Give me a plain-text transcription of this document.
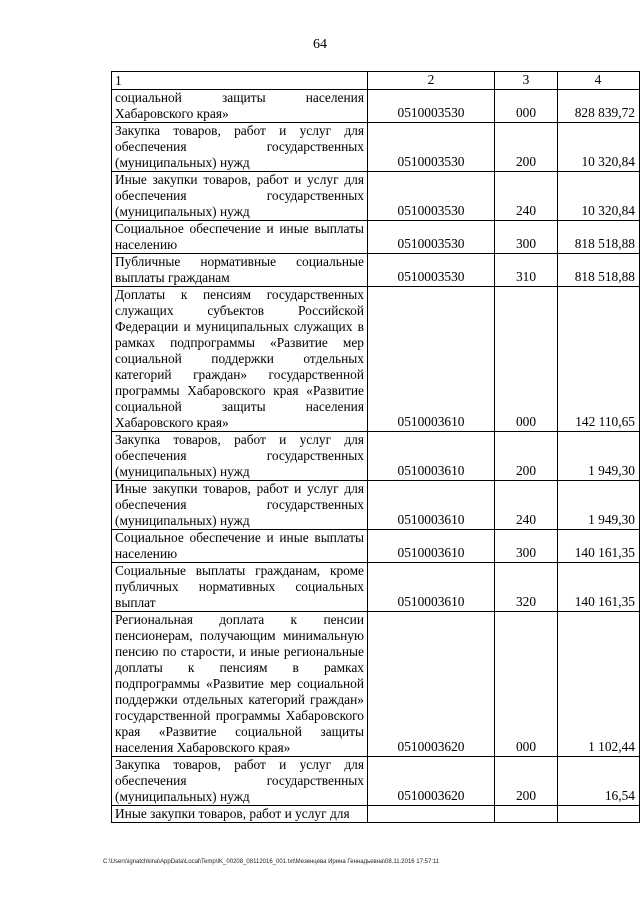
64
1	2	3	4
социальной защиты населения Хабаровского края»	0510003530	000	828 839,72
Закупка товаров, работ и услуг для обеспечения государственных (муниципальных) нужд	0510003530	200	10 320,84
Иные закупки товаров, работ и услуг для обеспечения государственных (муниципальных) нужд	0510003530	240	10 320,84
Социальное обеспечение и иные выплаты населению	0510003530	300	818 518,88
Публичные нормативные социальные выплаты гражданам	0510003530	310	818 518,88
Доплаты к пенсиям государственных служащих субъектов Российской Федерации и муниципальных служащих в рамках подпрограммы «Развитие мер социальной поддержки отдельных категорий граждан» государственной программы Хабаровского края «Развитие социальной защиты населения Хабаровского края»	0510003610	000	142 110,65
Закупка товаров, работ и услуг для обеспечения государственных (муниципальных) нужд	0510003610	200	1 949,30
Иные закупки товаров, работ и услуг для обеспечения государственных (муниципальных) нужд	0510003610	240	1 949,30
Социальное обеспечение и иные выплаты населению	0510003610	300	140 161,35
Социальные выплаты гражданам, кроме публичных нормативных социальных выплат	0510003610	320	140 161,35
Региональная доплата к пенсии пенсионерам, получающим минимальную пенсию по старости, и иные региональные доплаты к пенсиям в рамках подпрограммы «Развитие мер социальной поддержки отдельных категорий граждан» государственной программы Хабаровского края «Развитие социальной защиты населения Хабаровского края»	0510003620	000	1 102,44
Закупка товаров, работ и услуг для обеспечения государственных (муниципальных) нужд	0510003620	200	16,54
Иные закупки товаров, работ и услуг для			
C:\Users\ignatchkina\AppData\Local\Temp\IK_00208_08112016_001.txt\Мезенцева Ирина Геннадьевна\08.11.2016 17:57:11
